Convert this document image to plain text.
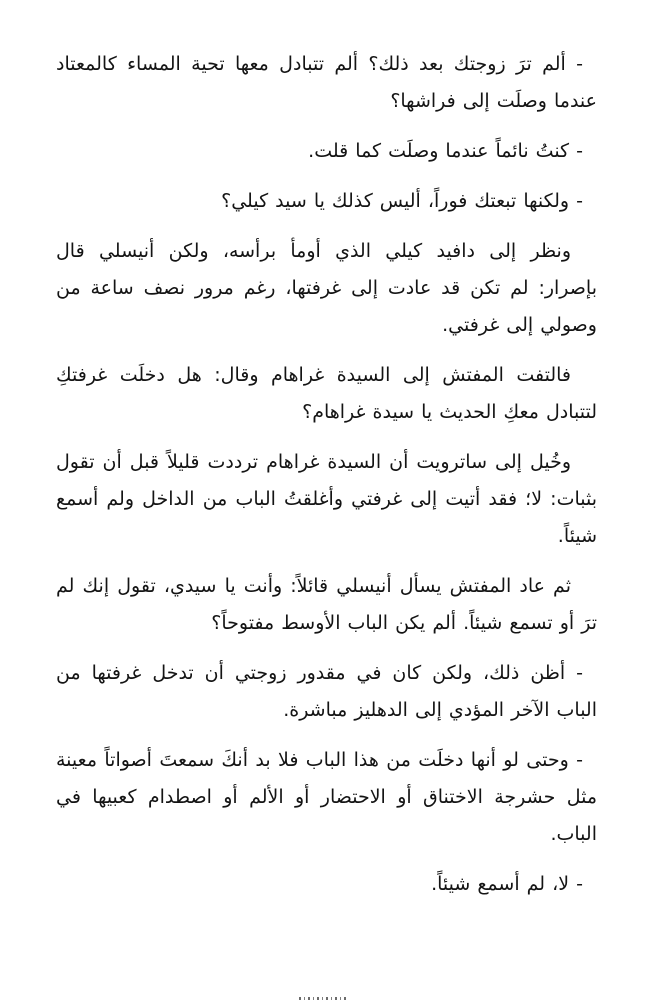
- ألم ترَ زوجتك بعد ذلك؟ ألم تتبادل معها تحية المساء كالمعتاد عندما وصلَت إلى فراشها؟

- كنتُ نائماً عندما وصلَت كما قلت.

- ولكنها تبعتك فوراً، أليس كذلك يا سيد كيلي؟

ونظر إلى دافيد كيلي الذي أومأ برأسه، ولكن أنيسلي قال بإصرار: لم تكن قد عادت إلى غرفتها، رغم مرور نصف ساعة من وصولي إلى غرفتي.

فالتفت المفتش إلى السيدة غراهام وقال: هل دخلَت غرفتكِ لتتبادل معكِ الحديث يا سيدة غراهام؟

وخُيل إلى ساترويت أن السيدة غراهام ترددت قليلاً قبل أن تقول بثبات: لا؛ فقد أتيت إلى غرفتي وأغلقتُ الباب من الداخل ولم أسمع شيئاً.

ثم عاد المفتش يسأل أنيسلي قائلاً: وأنت يا سيدي، تقول إنك لم ترَ أو تسمع شيئاً. ألم يكن الباب الأوسط مفتوحاً؟

- أظن ذلك، ولكن كان في مقدور زوجتي أن تدخل غرفتها من الباب الآخر المؤدي إلى الدهليز مباشرة.

- وحتى لو أنها دخلَت من هذا الباب فلا بد أنكَ سمعتَ أصواتاً معينة مثل حشرجة الاختناق أو الاحتضار أو الألم أو اصطدام كعبيها في الباب.

- لا، لم أسمع شيئاً.
